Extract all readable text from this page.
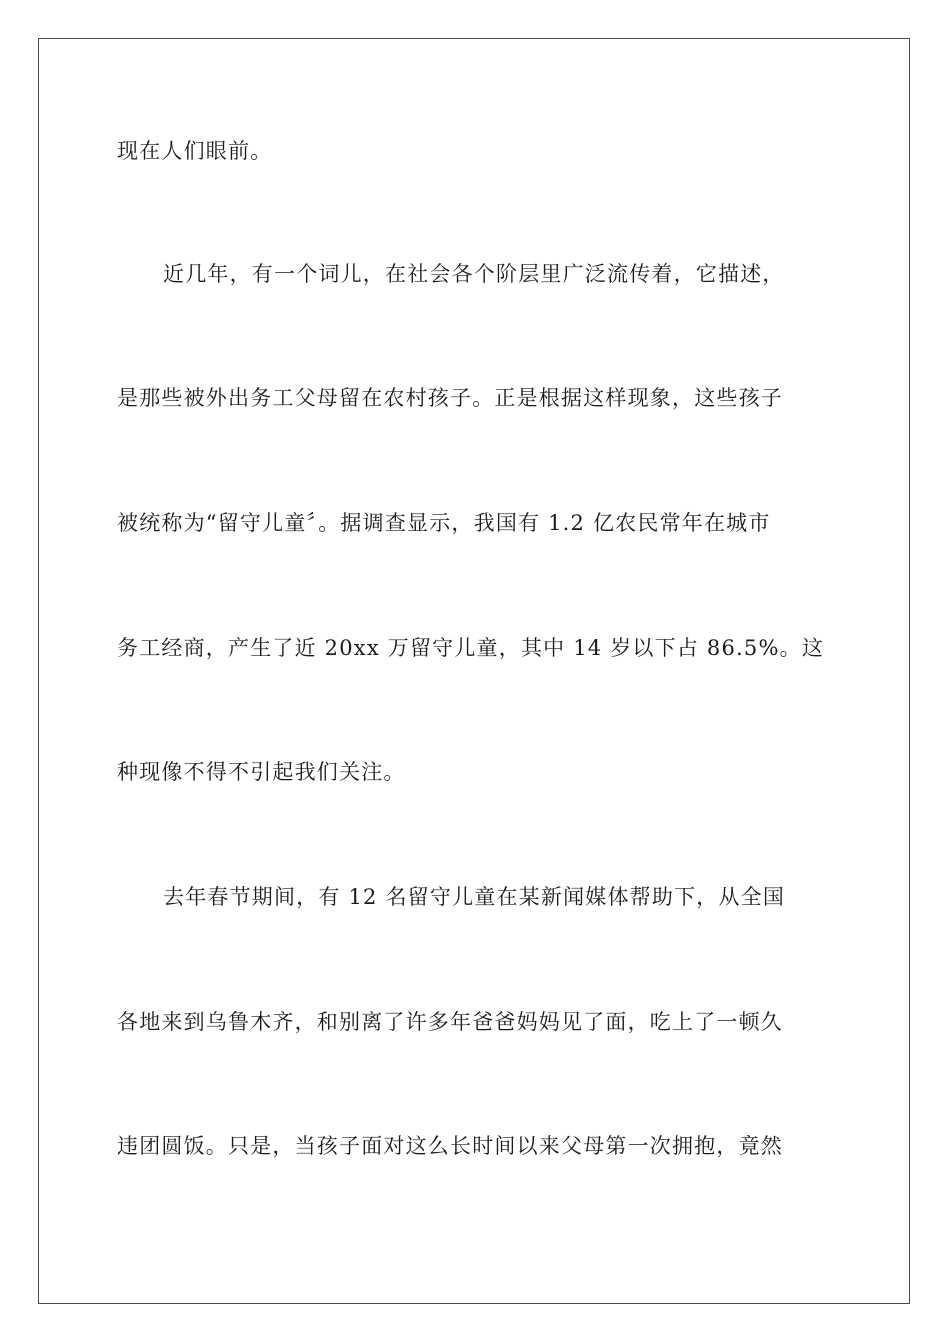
现在人们眼前。
近几年，有一个词儿，在社会各个阶层里广泛流传着，它描述，
是那些被外出务工父母留在农村孩子。正是根据这样现象，这些孩子
被统称为“留守儿童〞。据调查显示，我国有 1.2 亿农民常年在城市
务工经商，产生了近 20xx 万留守儿童，其中 14 岁以下占 86.5%。这
种现像不得不引起我们关注。
去年春节期间，有 12 名留守儿童在某新闻媒体帮助下，从全国
各地来到乌鲁木齐，和别离了许多年爸爸妈妈见了面，吃上了一顿久
违团圆饭。只是，当孩子面对这么长时间以来父母第一次拥抱，竟然
